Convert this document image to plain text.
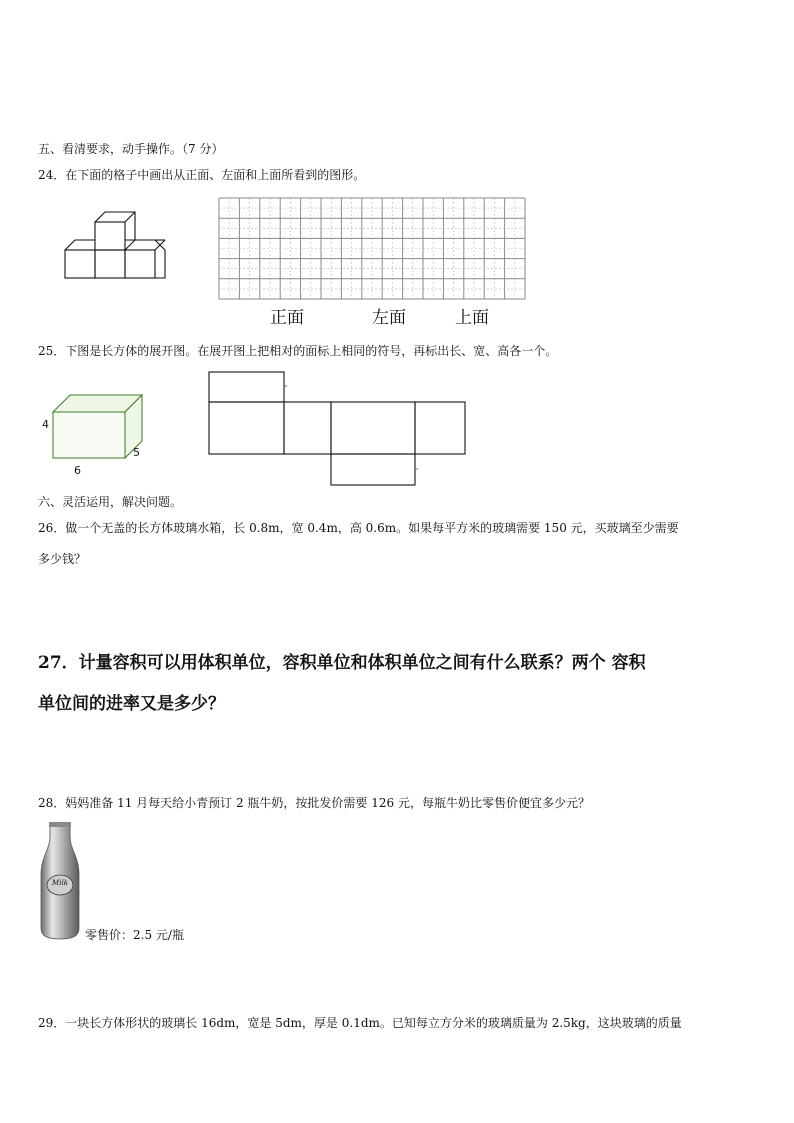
五、看清要求，动手操作。（7 分）
24．在下面的格子中画出从正面、左面和上面所看到的图形。
正面	左面	上面
25．下图是长方体的展开图。在展开图上把相对的面标上相同的符号，再标出长、宽、高各一个。
4
6
5
六、灵活运用，解决问题。
26．做一个无盖的长方体玻璃水箱，长 0.8m，宽 0.4m，高 0.6m。如果每平方米的玻璃需要 150 元，买玻璃至少需要
多少钱？
27．计量容积可以用体积单位，容积单位和体积单位之间有什么联系？两个 容积
单位间的进率又是多少？
28．妈妈准备 11 月每天给小青预订 2 瓶牛奶，按批发价需要 126 元，每瓶牛奶比零售价便宜多少元？
Milk
零售价：2.5 元/瓶
29．一块长方体形状的玻璃长 16dm，宽是 5dm，厚是 0.1dm。已知每立方分米的玻璃质量为 2.5kg，这块玻璃的质量
